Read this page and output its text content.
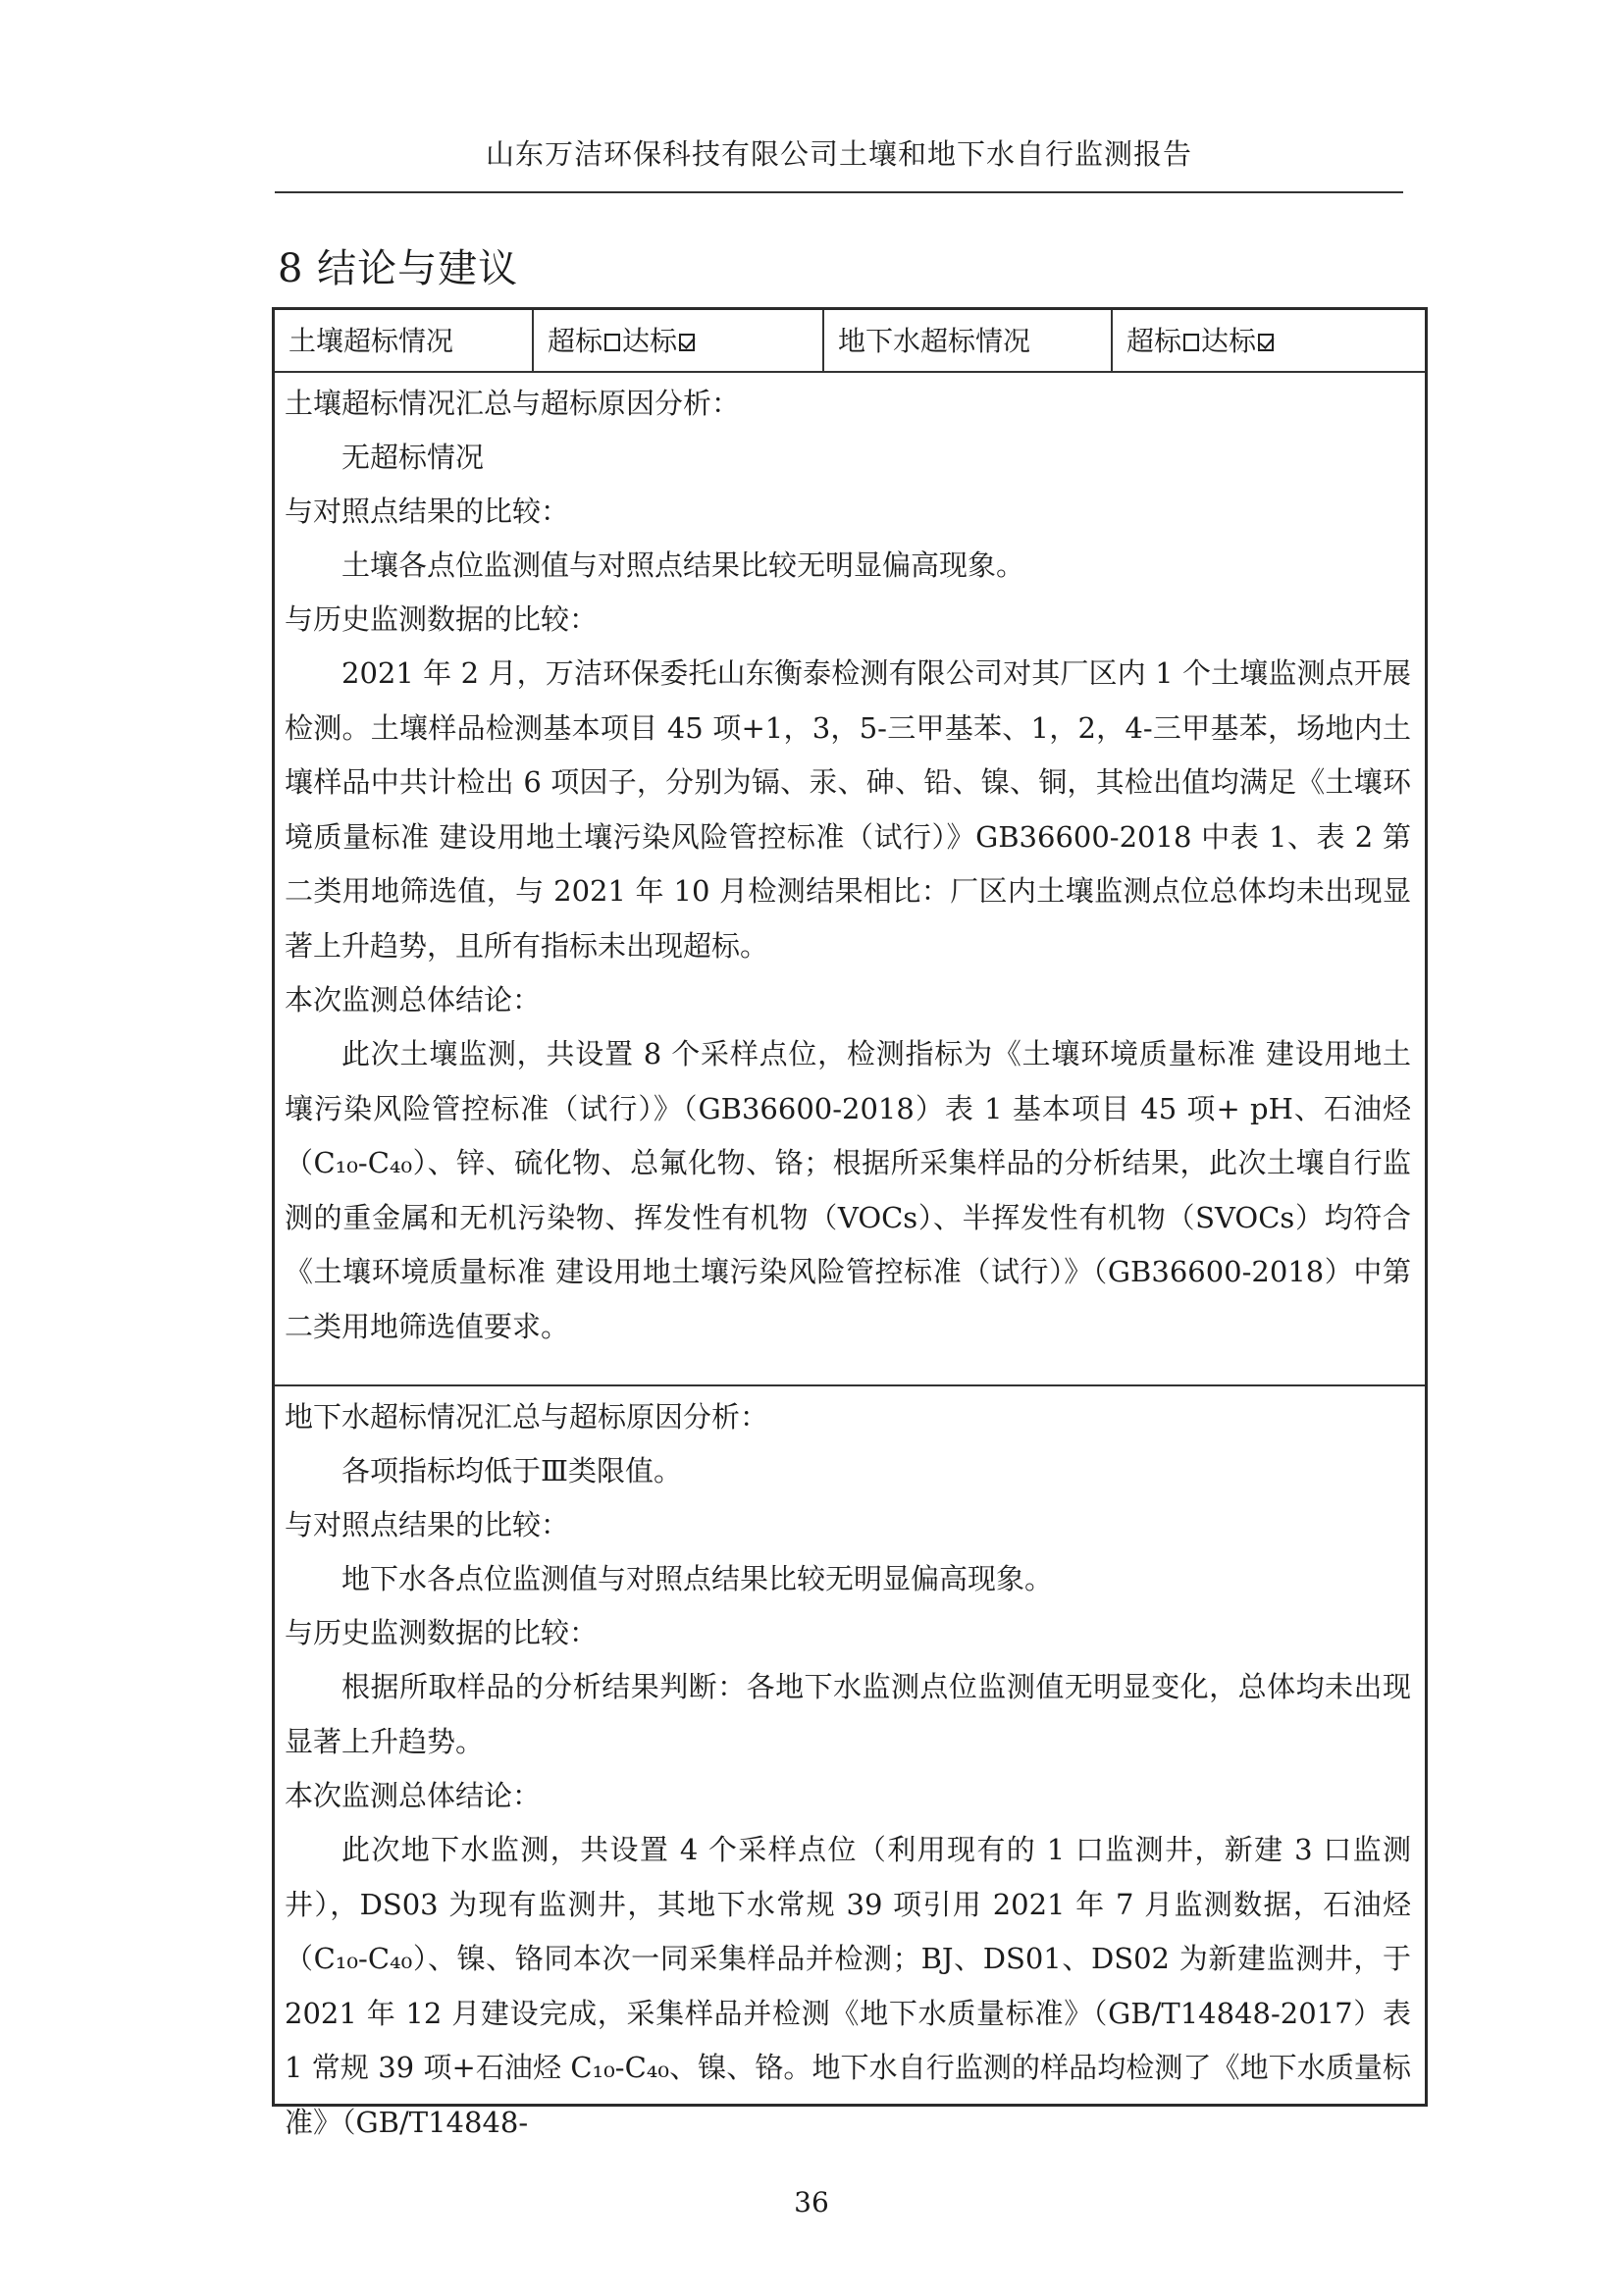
山东万洁环保科技有限公司土壤和地下水自行监测报告
8 结论与建议
土壤超标情况	超标 达标	地下水超标情况	超标 达标
土壤超标情况汇总与超标原因分析：
无超标情况
与对照点结果的比较：
土壤各点位监测值与对照点结果比较无明显偏高现象。
与历史监测数据的比较：

2021 年 2 月，万洁环保委托山东衡泰检测有限公司对其厂区内 1 个土壤监测点开展检测。土壤样品检测基本项目 45 项+1，3，5-三甲基苯、1，2，4-三甲基苯，场地内土壤样品中共计检出 6 项因子，分别为镉、汞、砷、铅、镍、铜，其检出值均满足《土壤环境质量标准 建设用地土壤污染风险管控标准（试行）》GB36600-2018 中表 1、表 2 第二类用地筛选值，与 2021 年 10 月检测结果相比：厂区内土壤监测点位总体均未出现显著上升趋势，且所有指标未出现超标。

本次监测总体结论：

此次土壤监测，共设置 8 个采样点位，检测指标为《土壤环境质量标准 建设用地土壤污染风险管控标准（试行）》（GB36600-2018）表 1 基本项目 45 项+ pH、石油烃（C₁₀-C₄₀）、锌、硫化物、总氟化物、铬；根据所采集样品的分析结果，此次土壤自行监测的重金属和无机污染物、挥发性有机物（VOCs）、半挥发性有机物（SVOCs）均符合《土壤环境质量标准 建设用地土壤污染风险管控标准（试行）》（GB36600-2018）中第二类用地筛选值要求。

地下水超标情况汇总与超标原因分析：
各项指标均低于Ⅲ类限值。
与对照点结果的比较：
地下水各点位监测值与对照点结果比较无明显偏高现象。
与历史监测数据的比较：

根据所取样品的分析结果判断：各地下水监测点位监测值无明显变化，总体均未出现显著上升趋势。

本次监测总体结论：

此次地下水监测，共设置 4 个采样点位（利用现有的 1 口监测井，新建 3 口监测井），DS03 为现有监测井，其地下水常规 39 项引用 2021 年 7 月监测数据，石油烃（C₁₀-C₄₀）、镍、铬同本次一同采集样品并检测；BJ、DS01、DS02 为新建监测井，于 2021 年 12 月建设完成，采集样品并检测《地下水质量标准》（GB/T14848-2017）表 1 常规 39 项+石油烃 C₁₀-C₄₀、镍、铬。地下水自行监测的样品均检测了《地下水质量标准》（GB/T14848-

36
